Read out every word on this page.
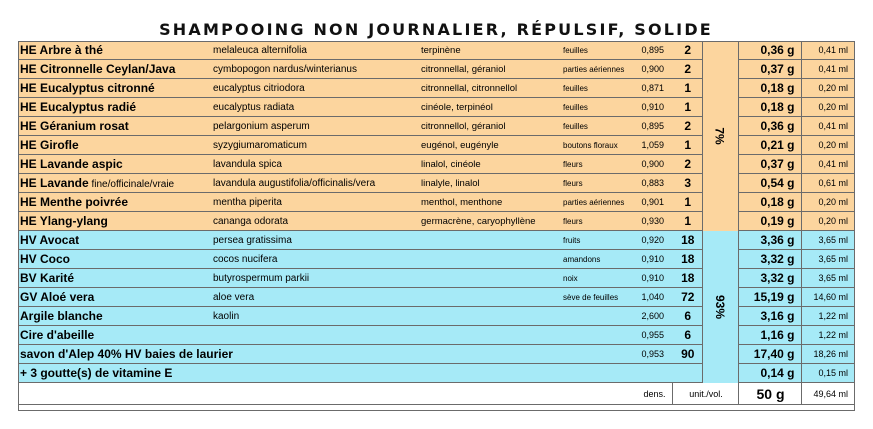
SHAMPOOING NON JOURNALIER, RÉPULSIF, SOLIDE
HE Arbre à thé	melaleuca alternifolia	terpinène	feuilles	0,895	2	7%	0,36 g	0,41 ml
HE Citronnelle Ceylan/Java	cymbopogon nardus/winterianus	citronnellal, géraniol	parties aériennes	0,900	2		0,37 g	0,41 ml
HE Eucalyptus citronné	eucalyptus citriodora	citronnellal, citronnellol	feuilles	0,871	1		0,18 g	0,20 ml
HE Eucalyptus radié	eucalyptus radiata	cinéole, terpinéol	feuilles	0,910	1		0,18 g	0,20 ml
HE Géranium rosat	pelargonium asperum	citronnellol, géraniol	feuilles	0,895	2		0,36 g	0,41 ml
HE Girofle	syzygiumaromaticum	eugénol, eugényle	boutons floraux	1,059	1		0,21 g	0,20 ml
HE Lavande aspic	lavandula spica	linalol, cinéole	fleurs	0,900	2		0,37 g	0,41 ml
HE Lavande fine/officinale/vraie	lavandula augustifolia/officinalis/vera	linalyle, linalol	fleurs	0,883	3		0,54 g	0,61 ml
HE Menthe poivrée	mentha piperita	menthol, menthone	parties aériennes	0,901	1		0,18 g	0,20 ml
HE Ylang-ylang	cananga odorata	germacrène, caryophyllène	fleurs	0,930	1		0,19 g	0,20 ml
HV Avocat	persea gratissima		fruits	0,920	18	93%	3,36 g	3,65 ml
HV Coco	cocos nucifera		amandons	0,910	18		3,32 g	3,65 ml
BV Karité	butyrospermum parkii		noix	0,910	18		3,32 g	3,65 ml
GV Aloé vera	aloe vera		sève de feuilles	1,040	72		15,19 g	14,60 ml
Argile blanche	kaolin			2,600	6		3,16 g	1,22 ml
Cire d'abeille				0,955	6		1,16 g	1,22 ml
savon d'Alep 40% HV baies de laurier				0,953	90		17,40 g	18,26 ml
+ 3 goutte(s) de vitamine E							0,14 g	0,15 ml
				dens.	unit./vol.		50 g	49,64 ml
